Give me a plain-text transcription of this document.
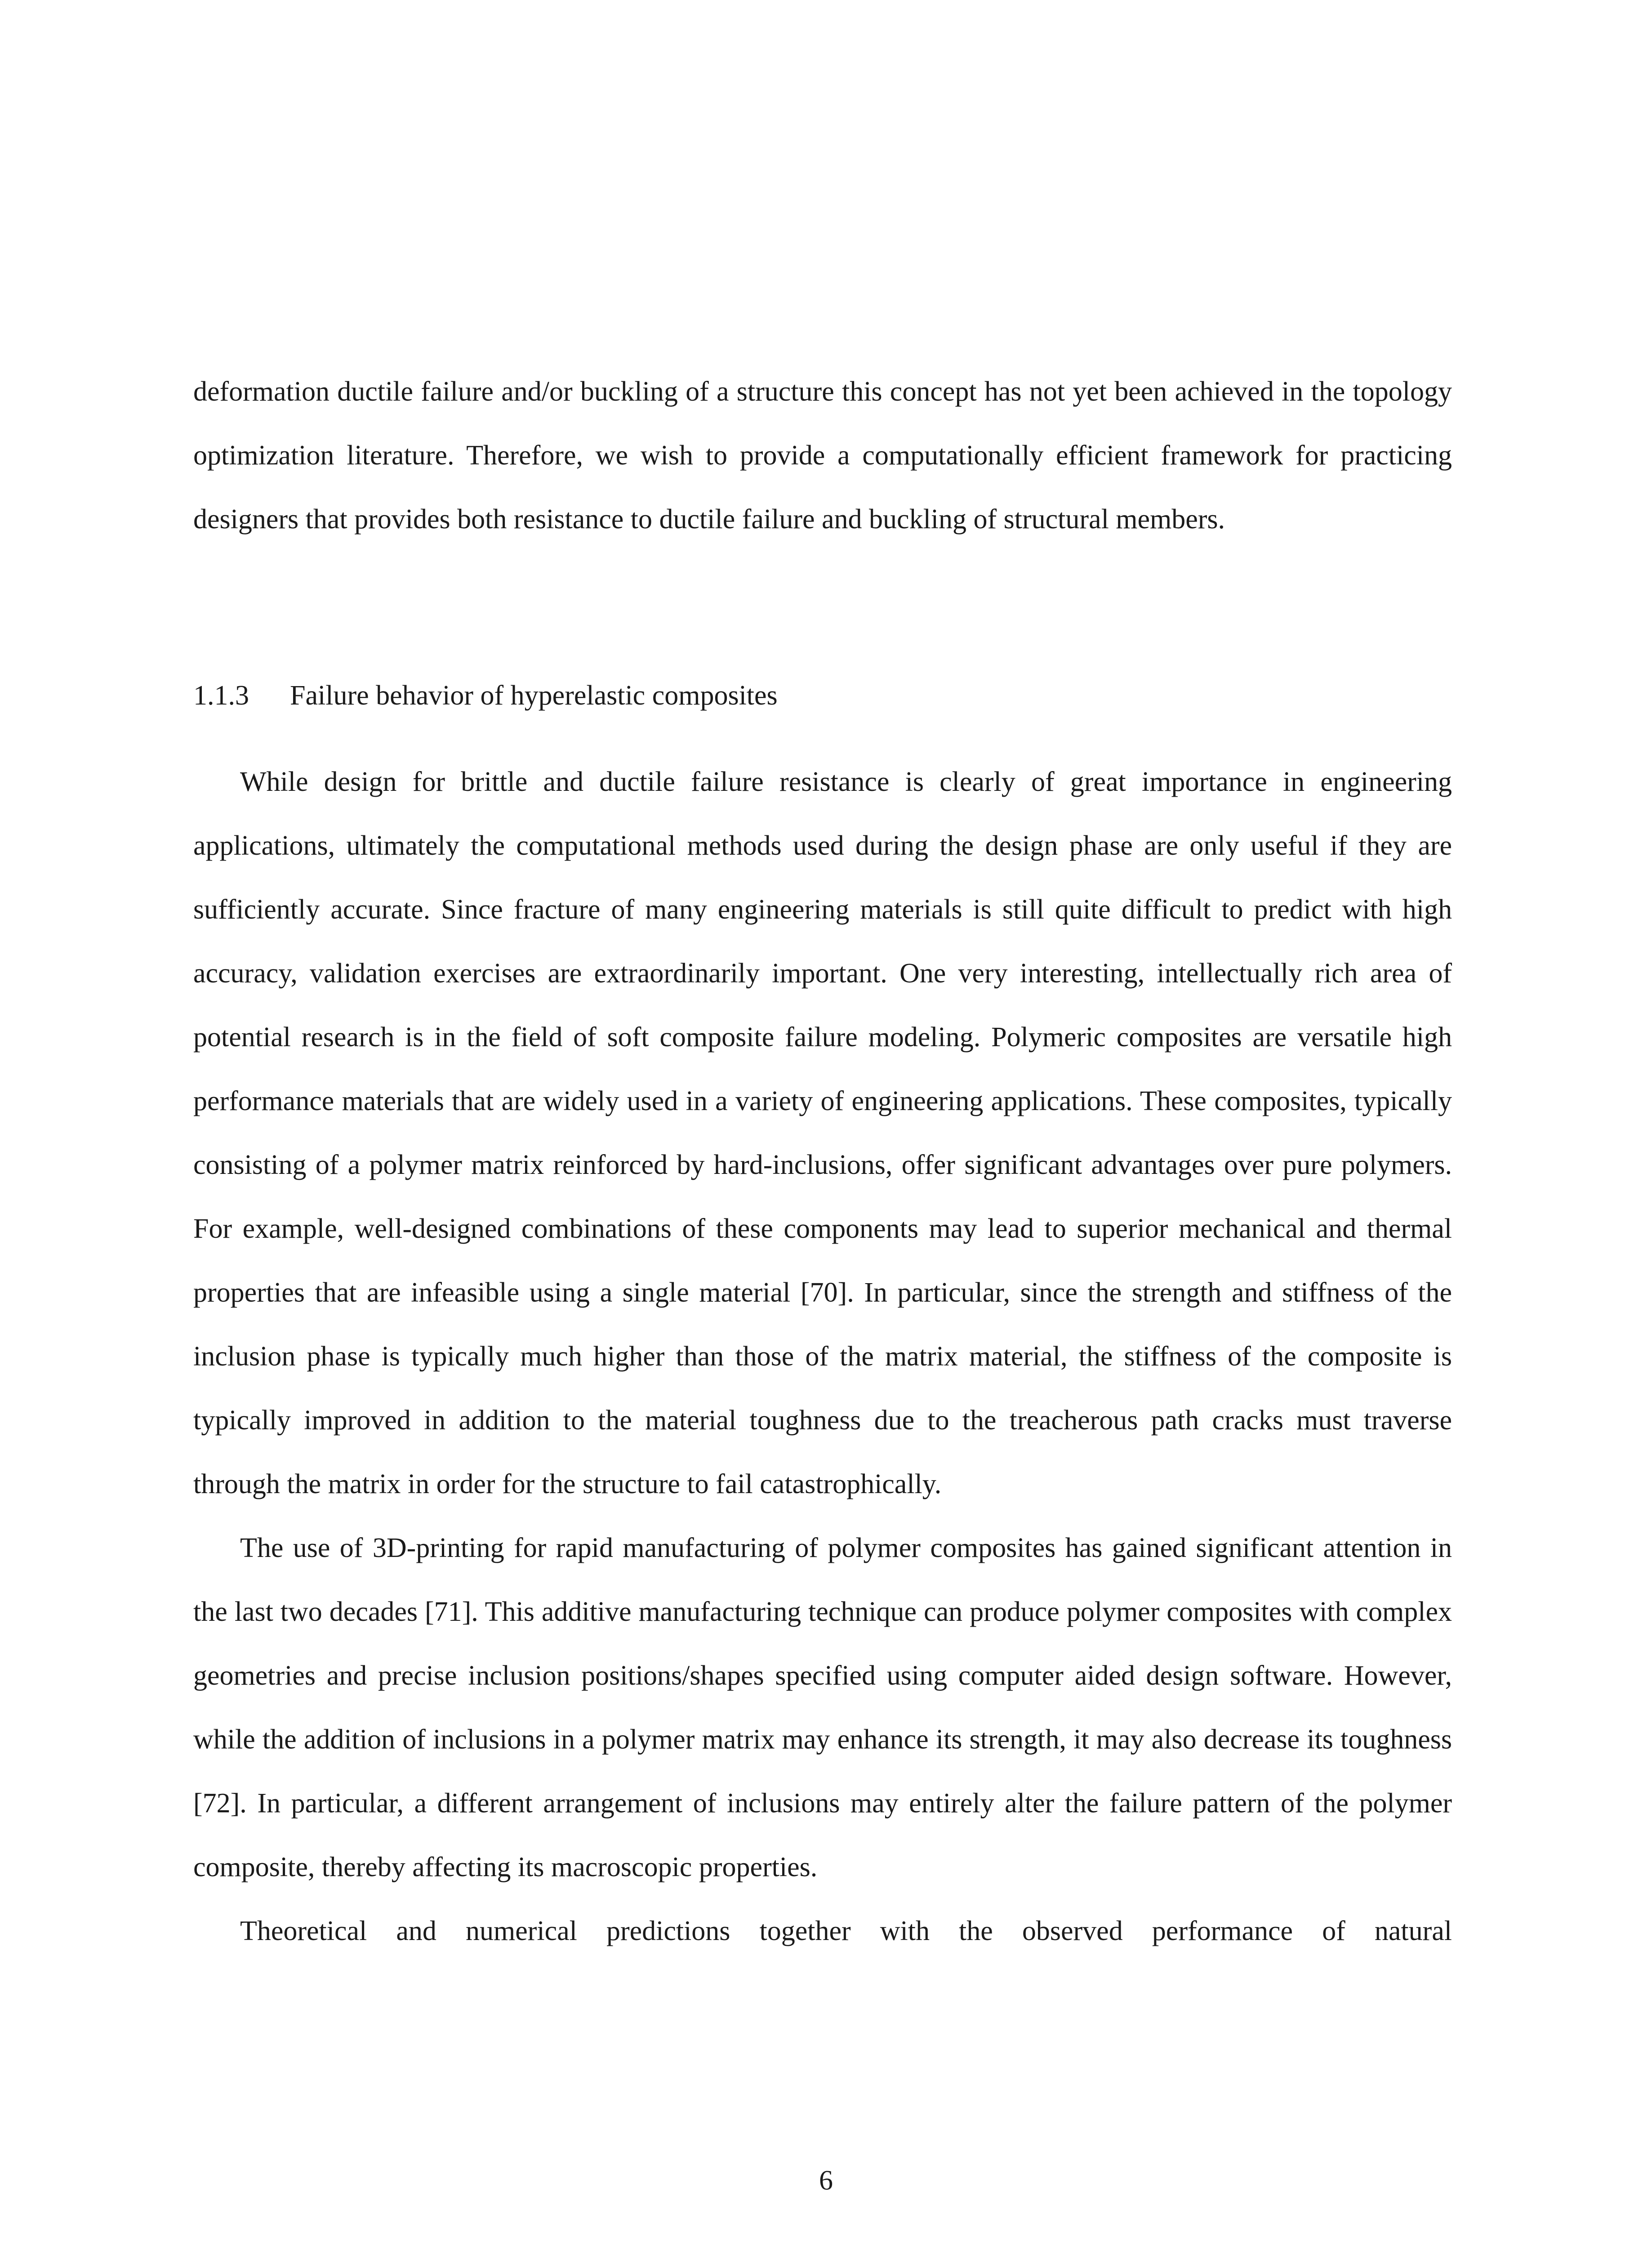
deformation ductile failure and/or buckling of a structure this concept has not yet been achieved in the topology optimization literature. Therefore, we wish to provide a computationally efficient framework for practicing designers that provides both resistance to ductile failure and buckling of structural members.

1.1.3 Failure behavior of hyperelastic composites

While design for brittle and ductile failure resistance is clearly of great importance in engineering applications, ultimately the computational methods used during the design phase are only useful if they are sufficiently accurate. Since fracture of many engineering materials is still quite difficult to predict with high accuracy, validation exercises are extraordinarily important. One very interesting, intellectually rich area of potential research is in the field of soft composite failure modeling. Polymeric composites are versatile high performance materials that are widely used in a variety of engineering applications. These composites, typically consisting of a polymer matrix reinforced by hard-inclusions, offer significant advantages over pure polymers. For example, well-designed combinations of these components may lead to superior mechanical and thermal properties that are infeasible using a single material [70]. In particular, since the strength and stiffness of the inclusion phase is typically much higher than those of the matrix material, the stiffness of the composite is typically improved in addition to the material toughness due to the treacherous path cracks must traverse through the matrix in order for the structure to fail catastrophically.

The use of 3D-printing for rapid manufacturing of polymer composites has gained significant attention in the last two decades [71]. This additive manufacturing technique can produce polymer composites with complex geometries and precise inclusion positions/shapes specified using computer aided design software. However, while the addition of inclusions in a polymer matrix may enhance its strength, it may also decrease its toughness [72]. In particular, a different arrangement of inclusions may entirely alter the failure pattern of the polymer composite, thereby affecting its macroscopic properties.

Theoretical and numerical predictions together with the observed performance of natural

6
